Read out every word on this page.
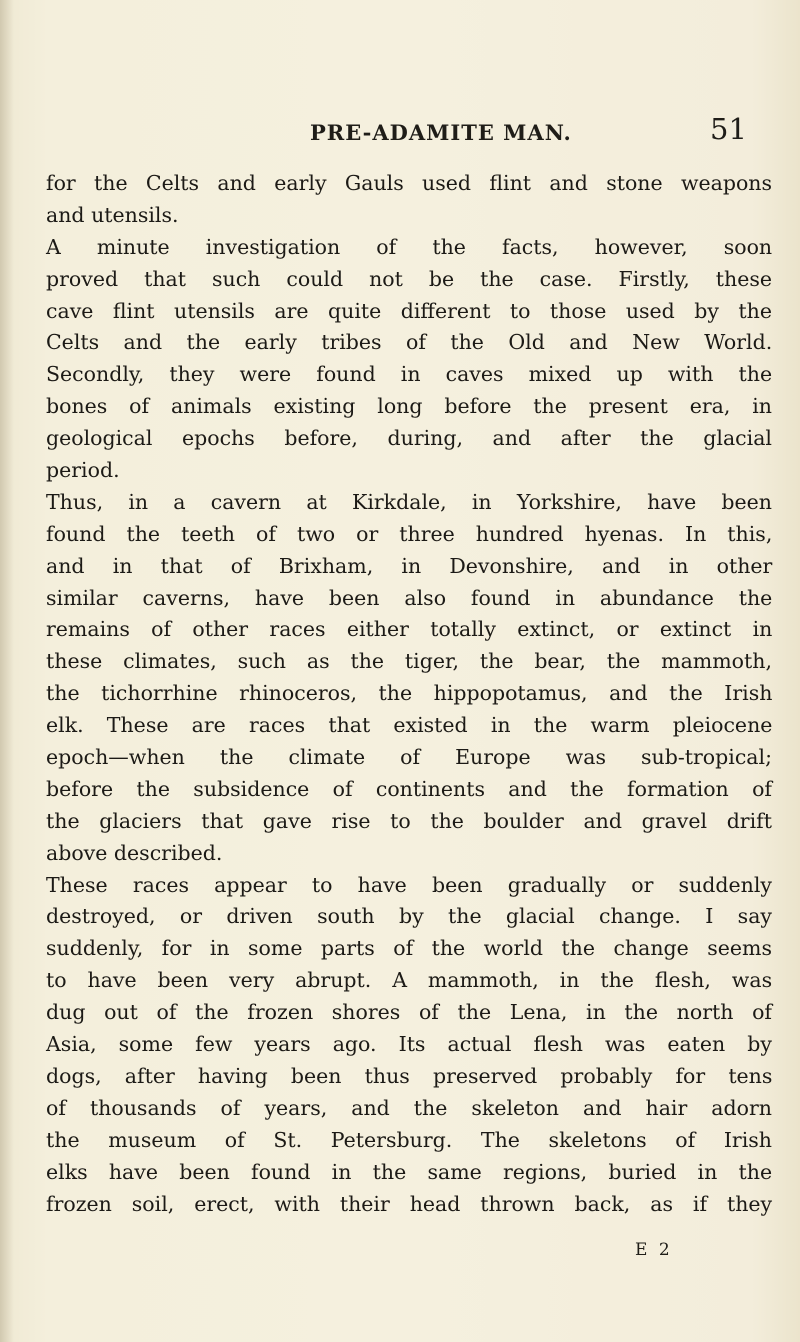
PRE-ADAMITE MAN.	51
for the Celts and early Gauls used flint and stone weapons
and utensils.
A minute investigation of the facts, however, soon
proved that such could not be the case. Firstly, these
cave flint utensils are quite different to those used by the
Celts and the early tribes of the Old and New World.
Secondly, they were found in caves mixed up with the
bones of animals existing long before the present era, in
geological epochs before, during, and after the glacial
period.
Thus, in a cavern at Kirkdale, in Yorkshire, have been
found the teeth of two or three hundred hyenas. In this,
and in that of Brixham, in Devonshire, and in other
similar caverns, have been also found in abundance the
remains of other races either totally extinct, or extinct in
these climates, such as the tiger, the bear, the mammoth,
the tichorrhine rhinoceros, the hippopotamus, and the Irish
elk. These are races that existed in the warm pleiocene
epoch—when the climate of Europe was sub-tropical;
before the subsidence of continents and the formation of
the glaciers that gave rise to the boulder and gravel drift
above described.
These races appear to have been gradually or suddenly
destroyed, or driven south by the glacial change. I say
suddenly, for in some parts of the world the change seems
to have been very abrupt. A mammoth, in the flesh, was
dug out of the frozen shores of the Lena, in the north of
Asia, some few years ago. Its actual flesh was eaten by
dogs, after having been thus preserved probably for tens
of thousands of years, and the skeleton and hair adorn
the museum of St. Petersburg. The skeletons of Irish
elks have been found in the same regions, buried in the
frozen soil, erect, with their head thrown back, as if they
E 2
